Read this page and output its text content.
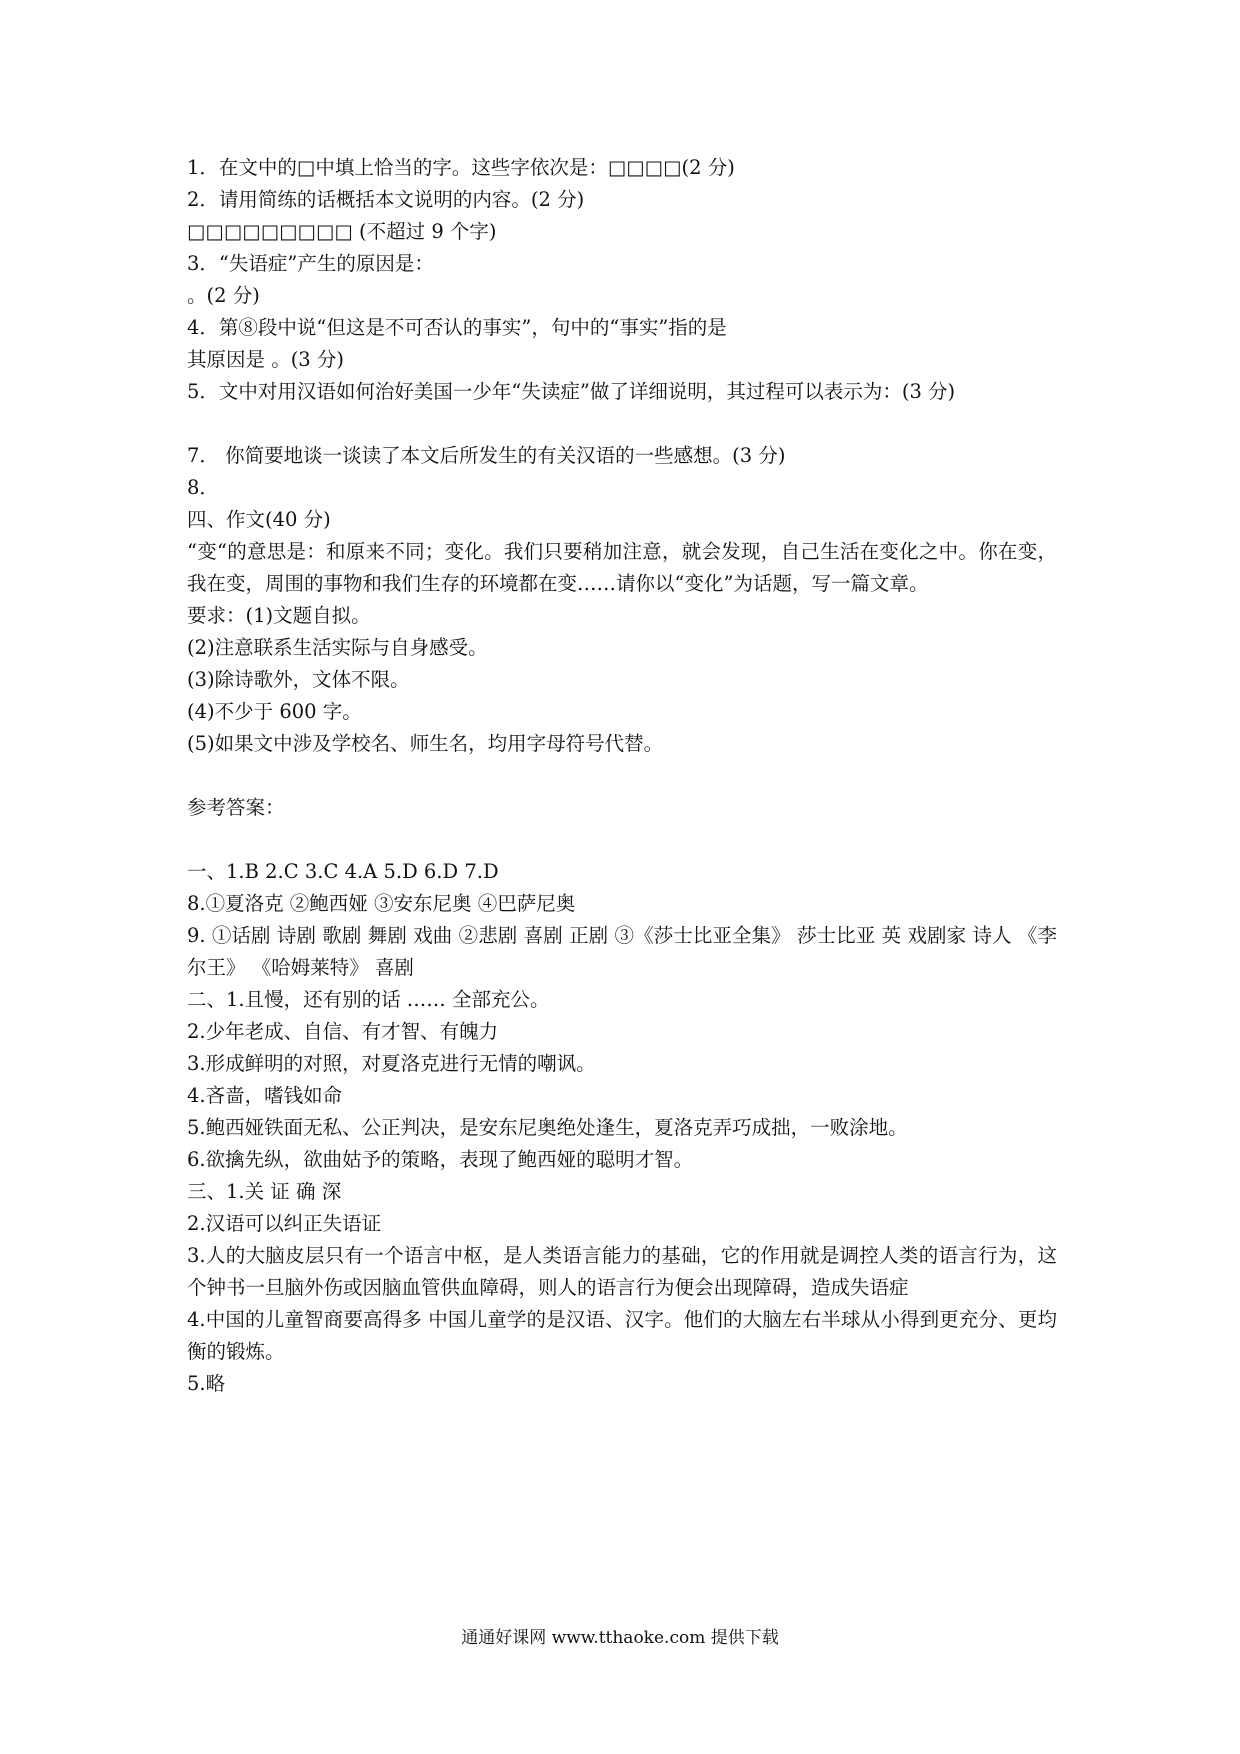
1．在文中的□中填上恰当的字。这些字依次是：□□□□(2 分)
2．请用简练的话概括本文说明的内容。(2 分)
□□□□□□□□□ (不超过 9 个字)
3．“失语症”产生的原因是：
。(2 分)
4．第⑧段中说“但这是不可否认的事实”，句中的“事实”指的是
其原因是 。(3 分)
5．文中对用汉语如何治好美国一少年“失读症”做了详细说明，其过程可以表示为：(3 分)
7． 你简要地谈一谈读了本文后所发生的有关汉语的一些感想。(3 分)
8．
四、作文(40 分)
“变“的意思是：和原来不同；变化。我们只要稍加注意，就会发现，自己生活在变化之中。你在变，我在变，周围的事物和我们生存的环境都在变……请你以“变化”为话题，写一篇文章。
要求：(1)文题自拟。
(2)注意联系生活实际与自身感受。
(3)除诗歌外，文体不限。
(4)不少于 600 字。
(5)如果文中涉及学校名、师生名，均用字母符号代替。
参考答案：
一、1.B 2.C 3.C 4.A 5.D 6.D 7.D
8.①夏洛克 ②鲍西娅 ③安东尼奥 ④巴萨尼奥
9. ①话剧 诗剧 歌剧 舞剧 戏曲 ②悲剧 喜剧 正剧 ③《莎士比亚全集》 莎士比亚 英 戏剧家 诗人 《李尔王》 《哈姆莱特》 喜剧
二、1.且慢，还有别的话 …… 全部充公。
2.少年老成、自信、有才智、有魄力
3.形成鲜明的对照，对夏洛克进行无情的嘲讽。
4.吝啬，嗜钱如命
5.鲍西娅铁面无私、公正判决，是安东尼奥绝处逢生，夏洛克弄巧成拙，一败涂地。
6.欲擒先纵，欲曲姑予的策略，表现了鲍西娅的聪明才智。
三、1.关 证 确 深
2.汉语可以纠正失语证
3.人的大脑皮层只有一个语言中枢，是人类语言能力的基础，它的作用就是调控人类的语言行为，这个钟书一旦脑外伤或因脑血管供血障碍，则人的语言行为便会出现障碍，造成失语症
4.中国的儿童智商要高得多 中国儿童学的是汉语、汉字。他们的大脑左右半球从小得到更充分、更均衡的锻炼。
5.略
通通好课网 www.tthaoke.com 提供下载
